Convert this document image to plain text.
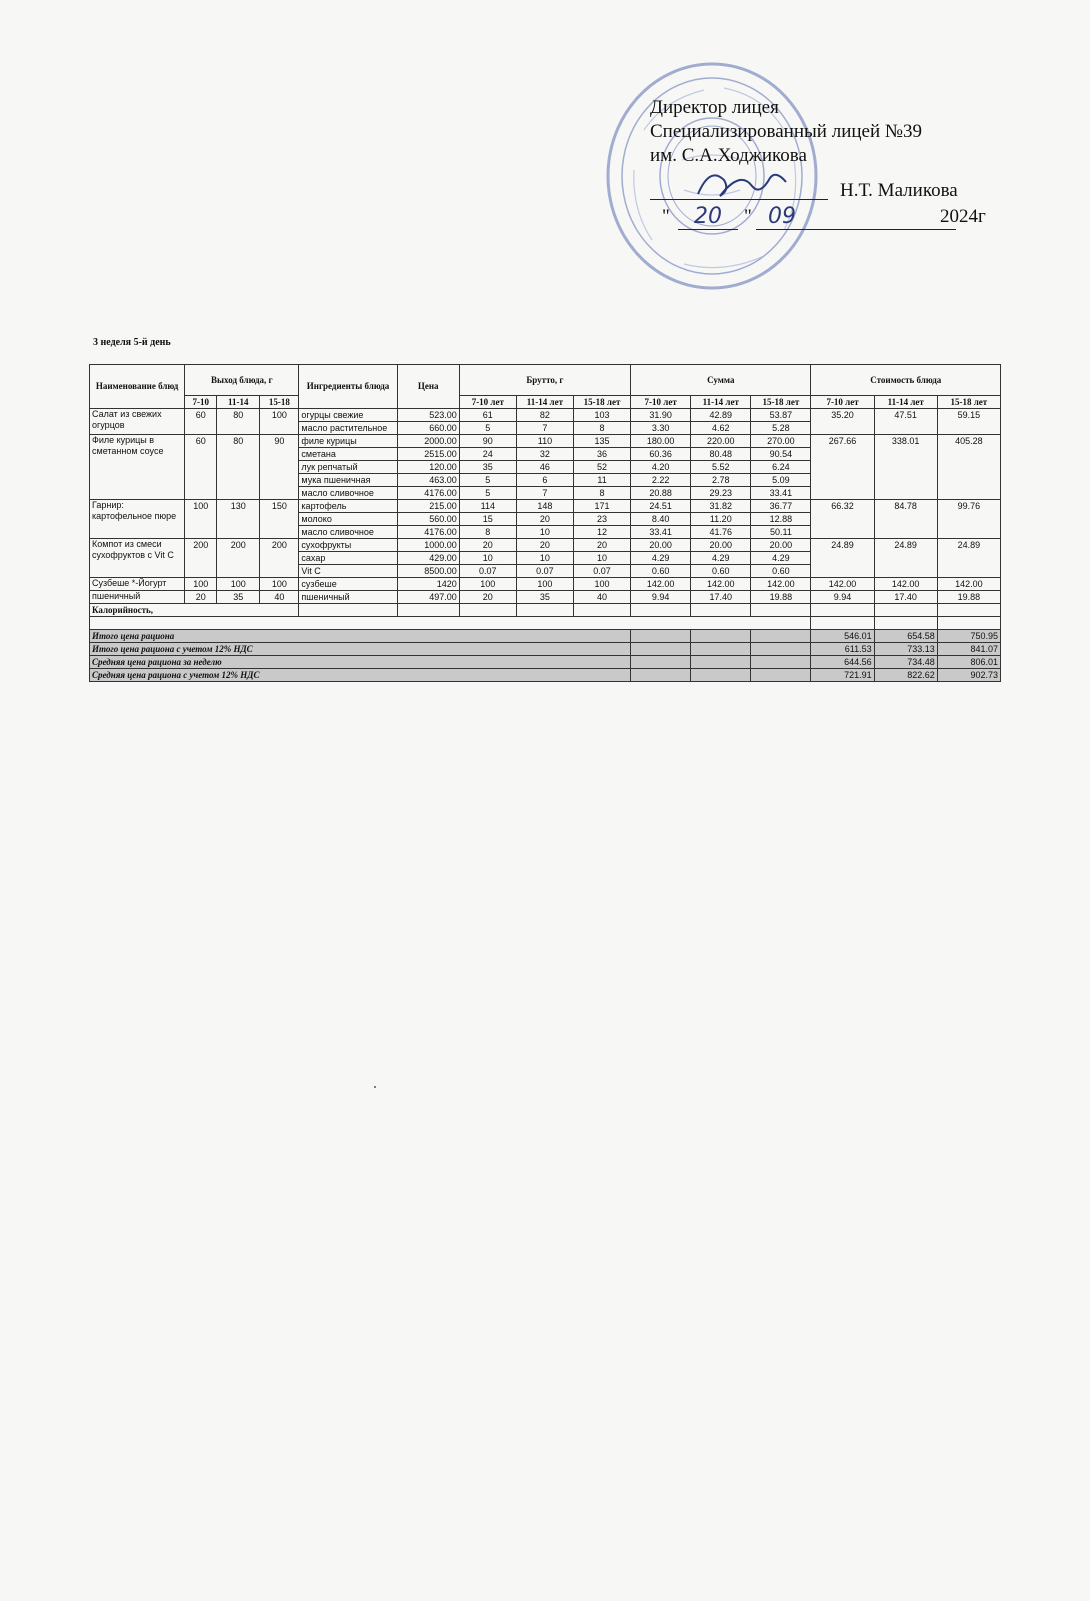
Директор лицея
Специализированный лицей №39
им. С.А.Ходжикова
Н.Т. Маликова
"	20	" 09	2024г
3 неделя 5-й день
Наименование блюд	Выход блюда, г			Ингредиенты блюда	Цена	Брутто, г			Сумма			Стоимость блюда		
	7-10	11-14	15-18			7-10 лет	11-14 лет	15-18 лет	7-10 лет	11-14 лет	15-18 лет	7-10 лет	11-14 лет	15-18 лет
Салат из свежих огурцов	60	80	100	огурцы свежие	523.00	61	82	103	31.90	42.89	53.87	35.20	47.51	59.15
				масло растительное	660.00	5	7	8	3.30	4.62	5.28			
Филе курицы в сметанном соусе	60	80	90	филе курицы	2000.00	90	110	135	180.00	220.00	270.00	267.66	338.01	405.28
				сметана	2515.00	24	32	36	60.36	80.48	90.54			
				лук репчатый	120.00	35	46	52	4.20	5.52	6.24			
				мука пшеничная	463.00	5	6	11	2.22	2.78	5.09			
				масло сливочное	4176.00	5	7	8	20.88	29.23	33.41			
Гарнир: картофельное пюре	100	130	150	картофель	215.00	114	148	171	24.51	31.82	36.77	66.32	84.78	99.76
				молоко	560.00	15	20	23	8.40	11.20	12.88			
				масло сливочное	4176.00	8	10	12	33.41	41.76	50.11			
Компот из смеси сухофруктов с Vit C	200	200	200	сухофрукты	1000.00	20	20	20	20.00	20.00	20.00	24.89	24.89	24.89
				сахар	429.00	10	10	10	4.29	4.29	4.29			
				Vit C	8500.00	0.07	0.07	0.07	0.60	0.60	0.60			
Сузбеше *-Йогурт	100	100	100	сузбеше	1420	100	100	100	142.00	142.00	142.00	142.00	142.00	142.00
пшеничный	20	35	40	пшеничный	497.00	20	35	40	9.94	17.40	19.88	9.94	17.40	19.88
Калорийность,														

Итого цена рациона												546.01	654.58	750.95
Итого цена рациона с учетом 12% НДС												611.53	733.13	841.07
Средняя цена рациона за неделю												644.56	734.48	806.01
Средняя цена рациона с учетом 12% НДС												721.91	822.62	902.73
